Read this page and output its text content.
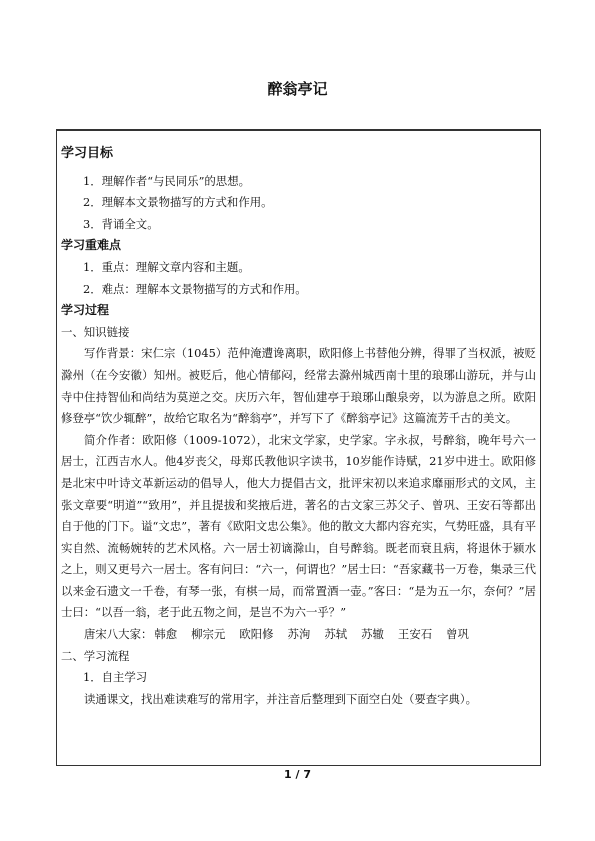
醉翁亭记
学习目标
1．理解作者“与民同乐”的思想。
2．理解本文景物描写的方式和作用。
3．背诵全文。
学习重难点
1．重点：理解文章内容和主题。
2．难点：理解本文景物描写的方式和作用。
学习过程
一、知识链接
写作背景：宋仁宗（1045）范仲淹遭谗离职，欧阳修上书替他分辨，得罪了当权派，被贬滁州（在今安徽）知州。被贬后，他心情郁闷，经常去滁州城西南十里的琅琊山游玩，并与山寺中住持智仙和尚结为莫逆之交。庆历六年，智仙建亭于琅琊山酿泉旁，以为游息之所。欧阳修登亭“饮少辄醉”，故给它取名为“醉翁亭”，并写下了《醉翁亭记》这篇流芳千古的美文。
简介作者：欧阳修（1009-1072），北宋文学家，史学家。字永叔，号醉翁，晚年号六一居士，江西吉水人。他4岁丧父，母郑氏教他识字读书，10岁能作诗赋，21岁中进士。欧阳修是北宋中叶诗文革新运动的倡导人，他大力提倡古文，批评宋初以来追求靡丽形式的文风，主张文章要“明道”“致用”，并且提拔和奖掖后进，著名的古文家三苏父子、曾巩、王安石等都出自于他的门下。谥“文忠”，著有《欧阳文忠公集》。他的散文大都内容充实，气势旺盛，具有平实自然、流畅婉转的艺术风格。六一居士初谪滁山，自号醉翁。既老而衰且病，将退休于颍水之上，则又更号六一居士。客有问曰：“六一，何谓也？”居士曰：“吾家藏书一万卷，集录三代以来金石遗文一千卷，有琴一张，有棋一局，而常置酒一壶。”客曰：“是为五一尔，奈何？”居士曰：“以吾一翁，老于此五物之间，是岂不为六一乎？”
唐宋八大家： 韩愈 柳宗元 欧阳修 苏洵 苏轼 苏辙 王安石 曾巩
二、学习流程
1．自主学习
读通课文，找出难读难写的常用字，并注音后整理到下面空白处（要查字典）。
1 / 7
